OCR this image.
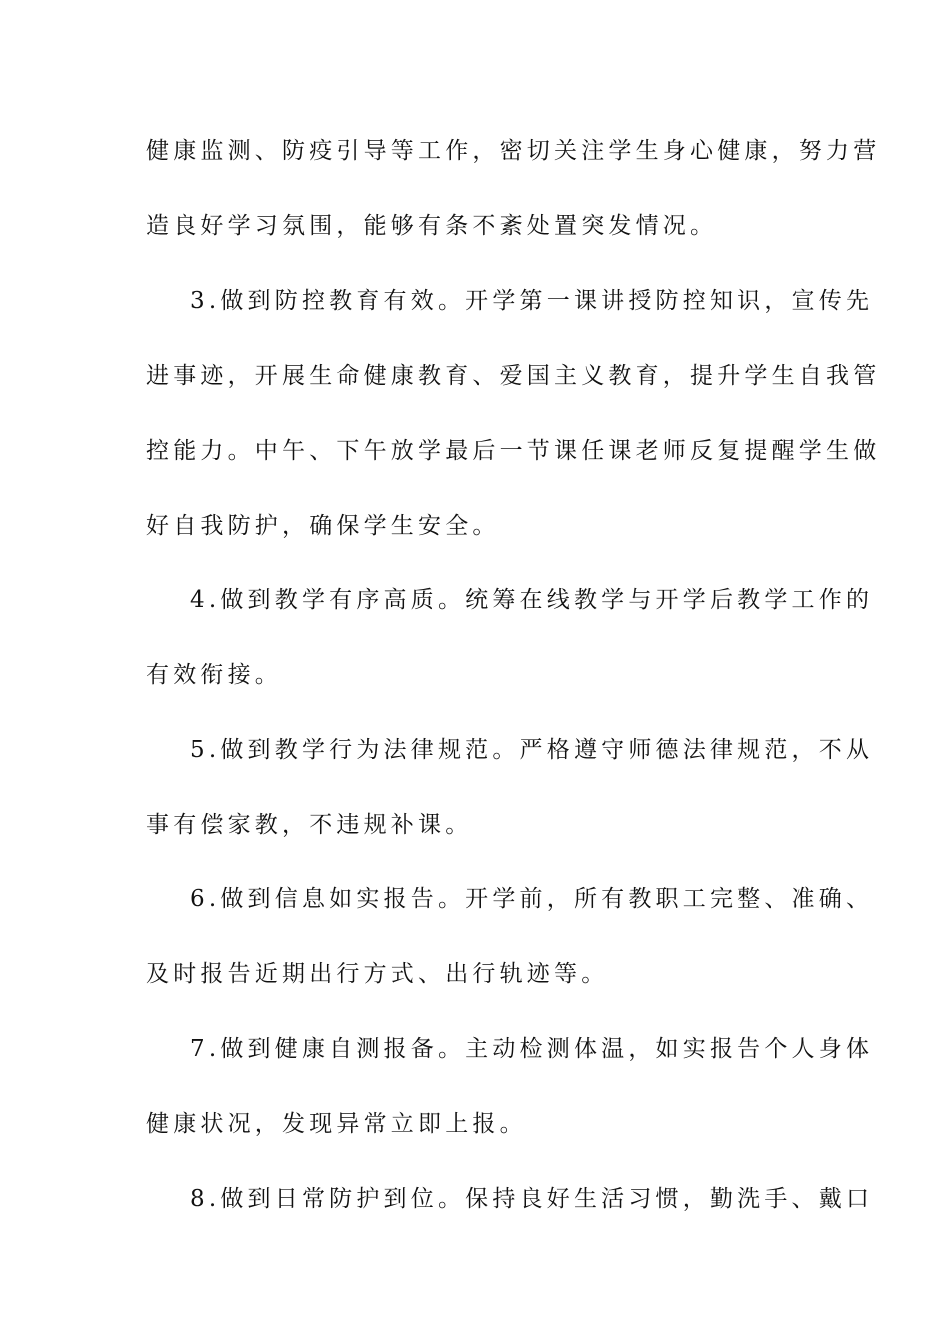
健康监测、防疫引导等工作，密切关注学生身心健康，努力营
造良好学习氛围，能够有条不紊处置突发情况。
3.做到防控教育有效。开学第一课讲授防控知识，宣传先
进事迹，开展生命健康教育、爱国主义教育，提升学生自我管
控能力。中午、下午放学最后一节课任课老师反复提醒学生做
好自我防护，确保学生安全。
4.做到教学有序高质。统筹在线教学与开学后教学工作的
有效衔接。
5.做到教学行为法律规范。严格遵守师德法律规范，不从
事有偿家教，不违规补课。
6.做到信息如实报告。开学前，所有教职工完整、准确、
及时报告近期出行方式、出行轨迹等。
7.做到健康自测报备。主动检测体温，如实报告个人身体
健康状况，发现异常立即上报。
8.做到日常防护到位。保持良好生活习惯，勤洗手、戴口
